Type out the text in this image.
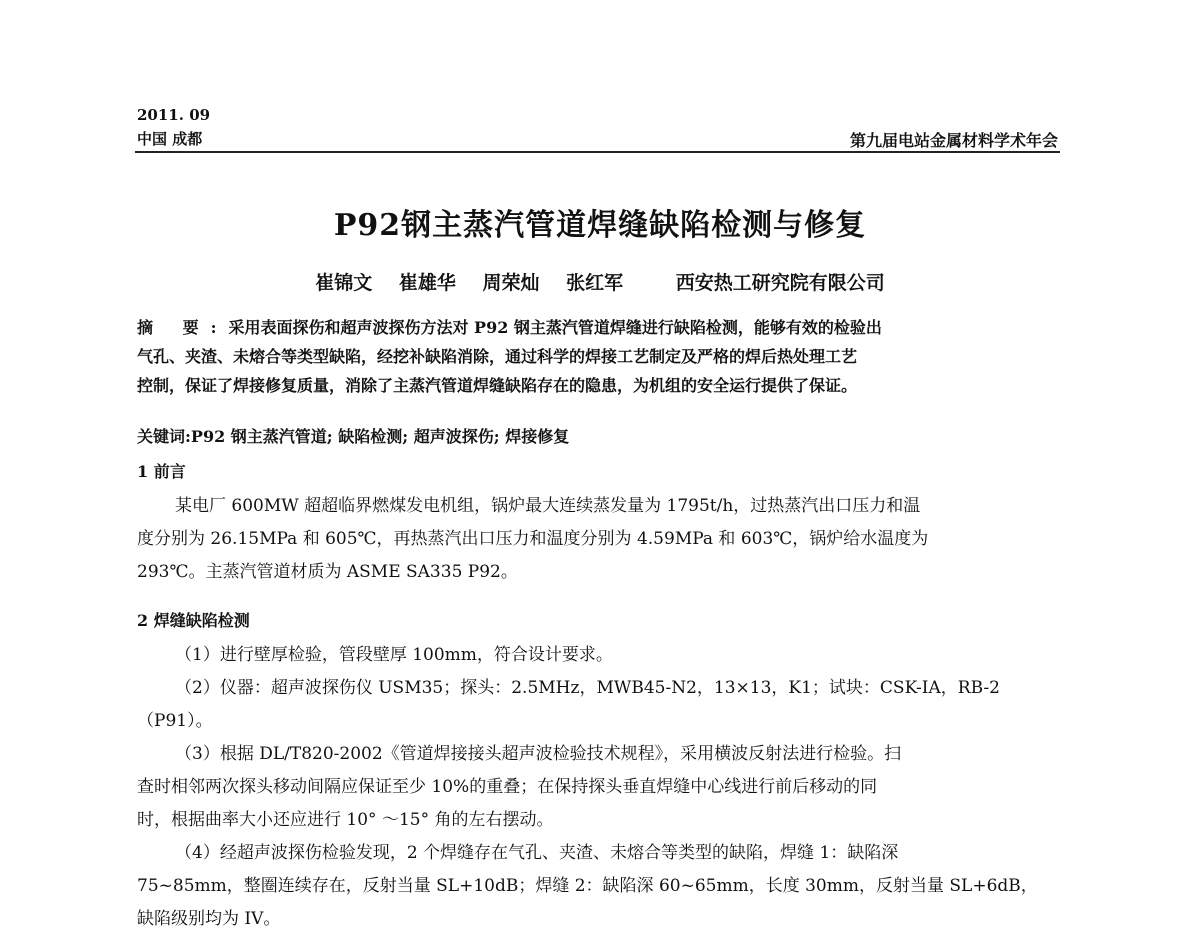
2011. 09
中国 成都	第九届电站金属材料学术年会
P92钢主蒸汽管道焊缝缺陷检测与修复
崔锦文 崔雄华 周荣灿 张红军	西安热工研究院有限公司
摘 要:采用表面探伤和超声波探伤方法对 P92 钢主蒸汽管道焊缝进行缺陷检测，能够有效的检验出
气孔、夹渣、未熔合等类型缺陷，经挖补缺陷消除，通过科学的焊接工艺制定及严格的焊后热处理工艺
控制，保证了焊接修复质量，消除了主蒸汽管道焊缝缺陷存在的隐患，为机组的安全运行提供了保证。
关键词:P92 钢主蒸汽管道; 缺陷检测; 超声波探伤; 焊接修复
1 前言
某电厂 600MW 超超临界燃煤发电机组，锅炉最大连续蒸发量为 1795t/h，过热蒸汽出口压力和温
度分别为 26.15MPa 和 605℃，再热蒸汽出口压力和温度分别为 4.59MPa 和 603℃，锅炉给水温度为
293℃。主蒸汽管道材质为 ASME SA335 P92。
2 焊缝缺陷检测
（1）进行壁厚检验，管段壁厚 100mm，符合设计要求。
（2）仪器：超声波探伤仪 USM35；探头：2.5MHz，MWB45-N2，13×13，K1；试块：CSK-IA，RB-2
（P91）。
（3）根据 DL/T820-2002《管道焊接接头超声波检验技术规程》，采用横波反射法进行检验。扫
查时相邻两次探头移动间隔应保证至少 10%的重叠；在保持探头垂直焊缝中心线进行前后移动的同
时，根据曲率大小还应进行 10° ～15° 角的左右摆动。
（4）经超声波探伤检验发现，2 个焊缝存在气孔、夹渣、未熔合等类型的缺陷，焊缝 1：缺陷深
75~85mm，整圈连续存在，反射当量 SL+10dB；焊缝 2：缺陷深 60~65mm，长度 30mm，反射当量 SL+6dB，
缺陷级别均为 IV。
